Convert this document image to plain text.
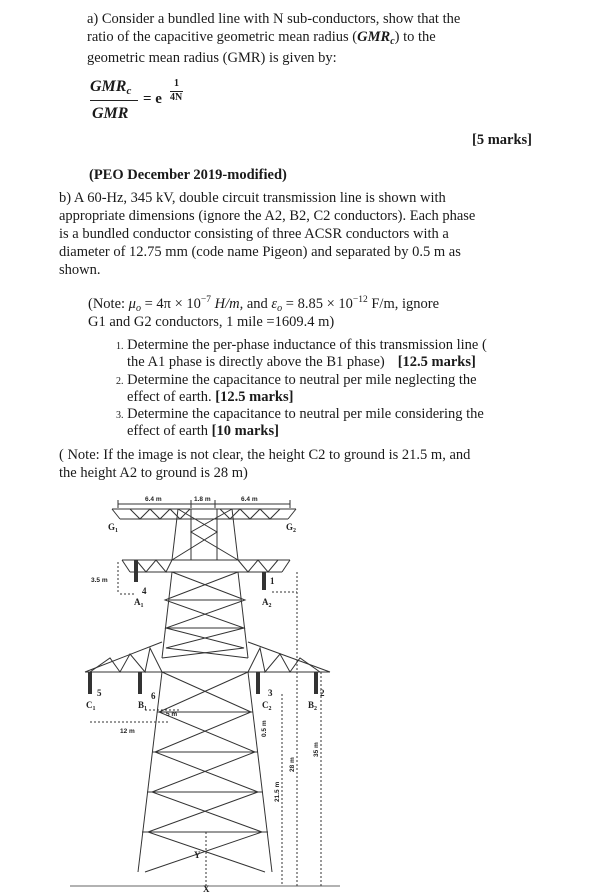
a) Consider a bundled line with N sub-conductors, show that the
ratio of the capacitive geometric mean radius $(GMR_c)$ to the
geometric mean radius (GMR) is given by:
$GMR_c$
GMR
= e
1
4N
[5 marks]
(PEO December 2019-modified)
b) A 60-Hz, 345 kV, double circuit transmission line is shown with
appropriate dimensions (ignore the A2, B2, C2 conductors). Each phase
is a bundled conductor consisting of three ACSR conductors with a
diameter of 12.75 mm (code name Pigeon) and separated by 0.5 m as
shown.
(Note: $\mu_o = 4\pi \times 10^{-7}$ H/m, and $\varepsilon_o = 8.85 \times 10^{-12}$ F/m, ignore
G1 and G2 conductors, 1 mile =1609.4 m)
1. Determine the per-phase inductance of this transmission line (
the A1 phase is directly above the B1 phase) [12.5 marks]
2. Determine the capacitance to neutral per mile neglecting the
effect of earth. [12.5 marks]
3. Determine the capacitance to neutral per mile considering the
effect of earth [10 marks]
( Note: If the image is not clear, the height C2 to ground is 21.5 m, and
the height A2 to ground is 28 m)
6.4 m	1.8 m	6.4 m
3.5 m
5 m
12 m
$G_1$	$G_2$
$A_1$	$A_2$
$B_1$	$B_2$
$C_1$	$C_2$
4
5	6
1
2
3
0.5 m
21.5 m
28 m
35 m
Y
X
